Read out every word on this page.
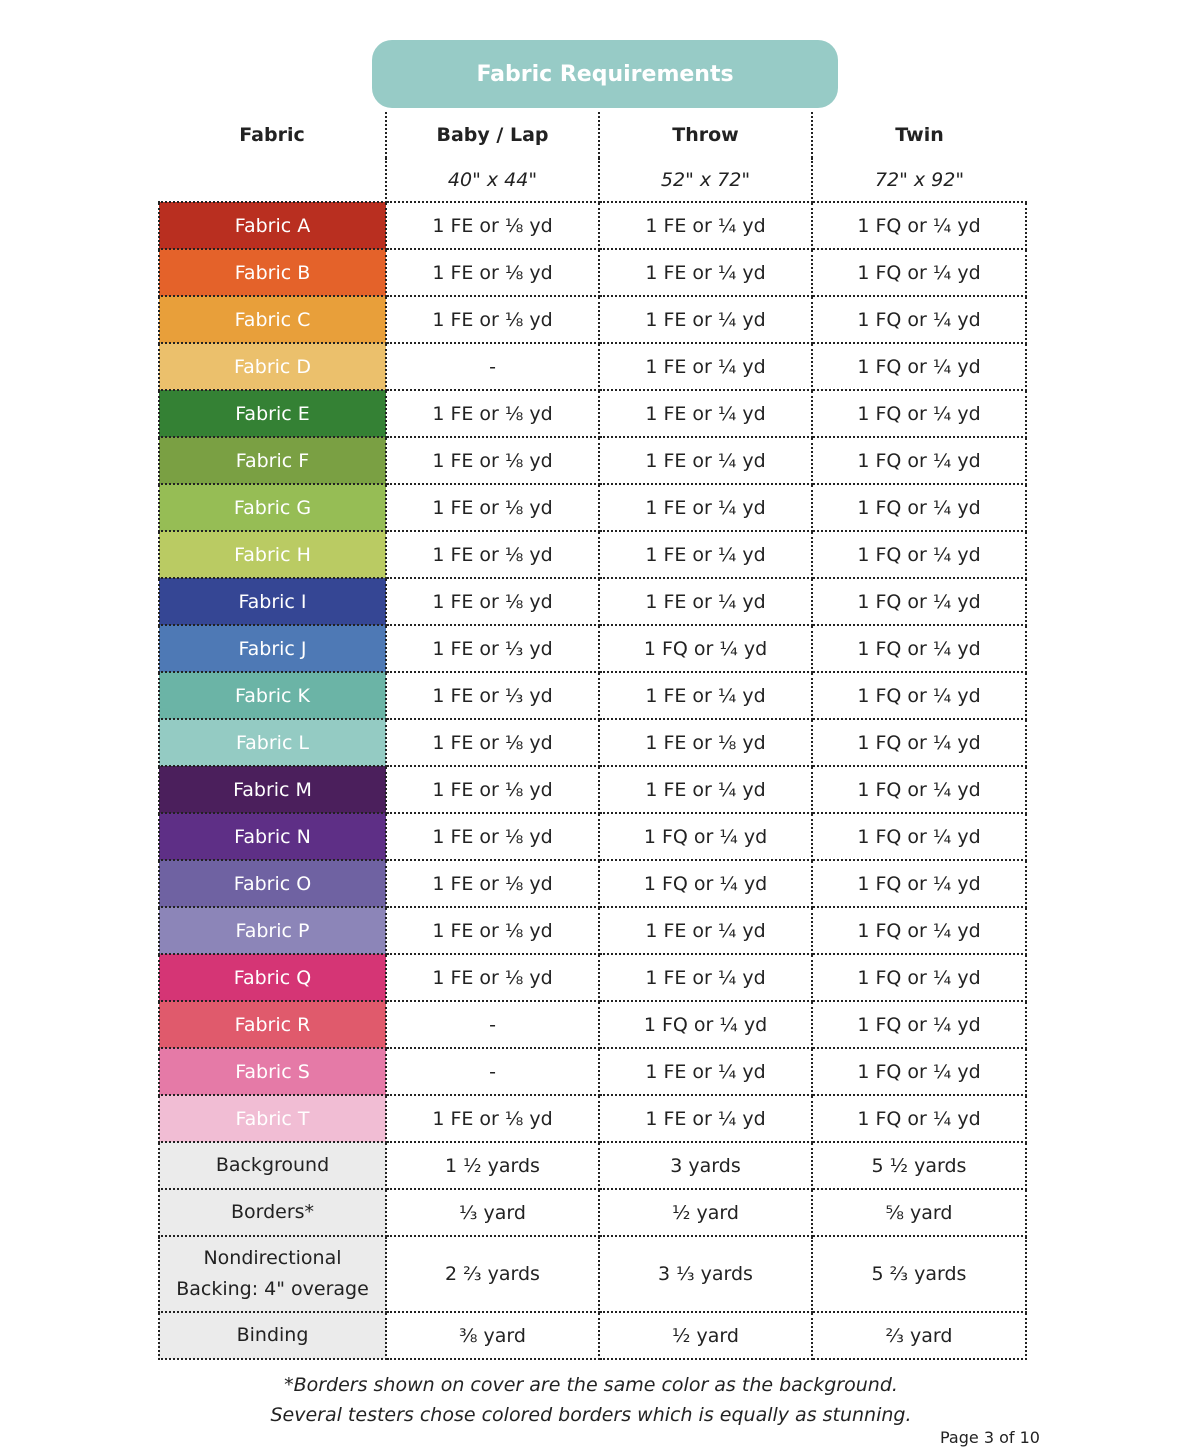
Fabric Requirements
Fabric	Baby / Lap	Throw	Twin
	40" x 44"	52" x 72"	72" x 92"
Fabric A	1 FE or ⅛ yd	1 FE or ¼ yd	1 FQ or ¼ yd
Fabric B	1 FE or ⅛ yd	1 FE or ¼ yd	1 FQ or ¼ yd
Fabric C	1 FE or ⅛ yd	1 FE or ¼ yd	1 FQ or ¼ yd
Fabric D	-	1 FE or ¼ yd	1 FQ or ¼ yd
Fabric E	1 FE or ⅛ yd	1 FE or ¼ yd	1 FQ or ¼ yd
Fabric F	1 FE or ⅛ yd	1 FE or ¼ yd	1 FQ or ¼ yd
Fabric G	1 FE or ⅛ yd	1 FE or ¼ yd	1 FQ or ¼ yd
Fabric H	1 FE or ⅛ yd	1 FE or ¼ yd	1 FQ or ¼ yd
Fabric I	1 FE or ⅛ yd	1 FE or ¼ yd	1 FQ or ¼ yd
Fabric J	1 FE or ⅓ yd	1 FQ or ¼ yd	1 FQ or ¼ yd
Fabric K	1 FE or ⅓ yd	1 FE or ¼ yd	1 FQ or ¼ yd
Fabric L	1 FE or ⅛ yd	1 FE or ⅛ yd	1 FQ or ¼ yd
Fabric M	1 FE or ⅛ yd	1 FE or ¼ yd	1 FQ or ¼ yd
Fabric N	1 FE or ⅛ yd	1 FQ or ¼ yd	1 FQ or ¼ yd
Fabric O	1 FE or ⅛ yd	1 FQ or ¼ yd	1 FQ or ¼ yd
Fabric P	1 FE or ⅛ yd	1 FE or ¼ yd	1 FQ or ¼ yd
Fabric Q	1 FE or ⅛ yd	1 FE or ¼ yd	1 FQ or ¼ yd
Fabric R	-	1 FQ or ¼ yd	1 FQ or ¼ yd
Fabric S	-	1 FE or ¼ yd	1 FQ or ¼ yd
Fabric T	1 FE or ⅛ yd	1 FE or ¼ yd	1 FQ or ¼ yd
Background	1 ½ yards	3 yards	5 ½ yards
Borders*	⅓ yard	½ yard	⅝ yard

Nondirectional
Backing: 4" overage	2 ⅔ yards	3 ⅓ yards	5 ⅔ yards
Binding	⅜ yard	½ yard	⅔ yard
*Borders shown on cover are the same color as the background.
Several testers chose colored borders which is equally as stunning.
Page 3 of 10
